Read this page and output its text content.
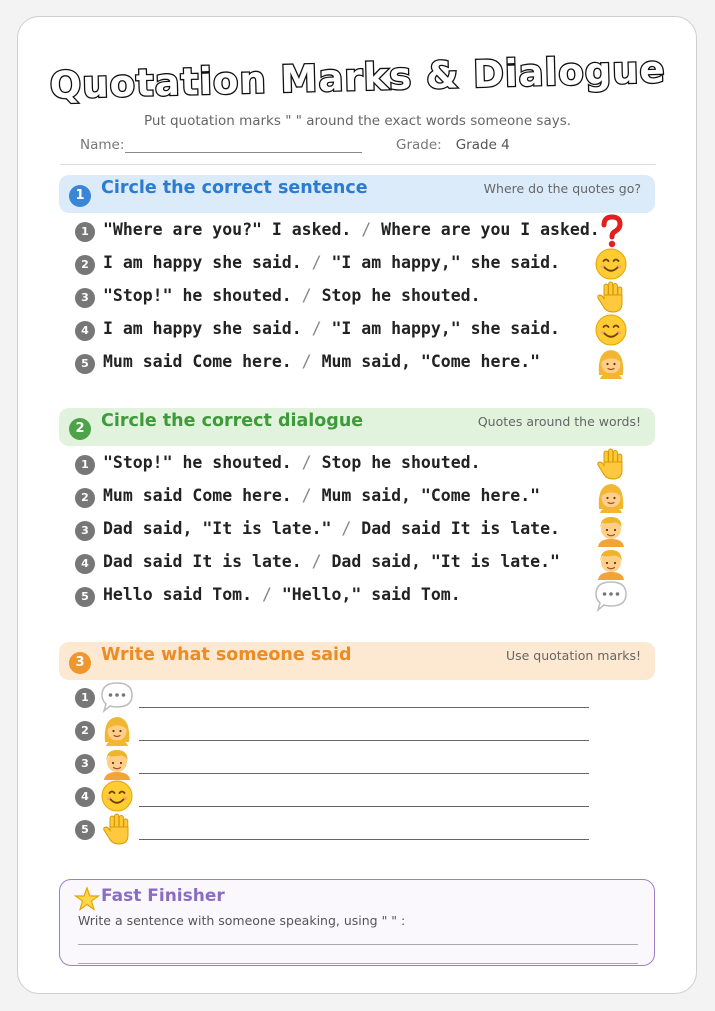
Quotation Marks & Dialogue
Put quotation marks " " around the exact words someone says.
Name:	Grade: Grade 4
1 Circle the correct sentence	Where do the quotes go?
1 "Where are you?" I asked. / Where are you I asked.
2 I am happy she said. / "I am happy," she said.
3 "Stop!" he shouted. / Stop he shouted.
4 I am happy she said. / "I am happy," she said.
5 Mum said Come here. / Mum said, "Come here."
2 Circle the correct dialogue	Quotes around the words!
1 "Stop!" he shouted. / Stop he shouted.
2 Mum said Come here. / Mum said, "Come here."
3 Dad said, "It is late." / Dad said It is late.
4 Dad said It is late. / Dad said, "It is late."
5 Hello said Tom. / "Hello," said Tom.
3 Write what someone said	Use quotation marks!
1
2
3
4
5
Fast Finisher
Write a sentence with someone speaking, using " " :
